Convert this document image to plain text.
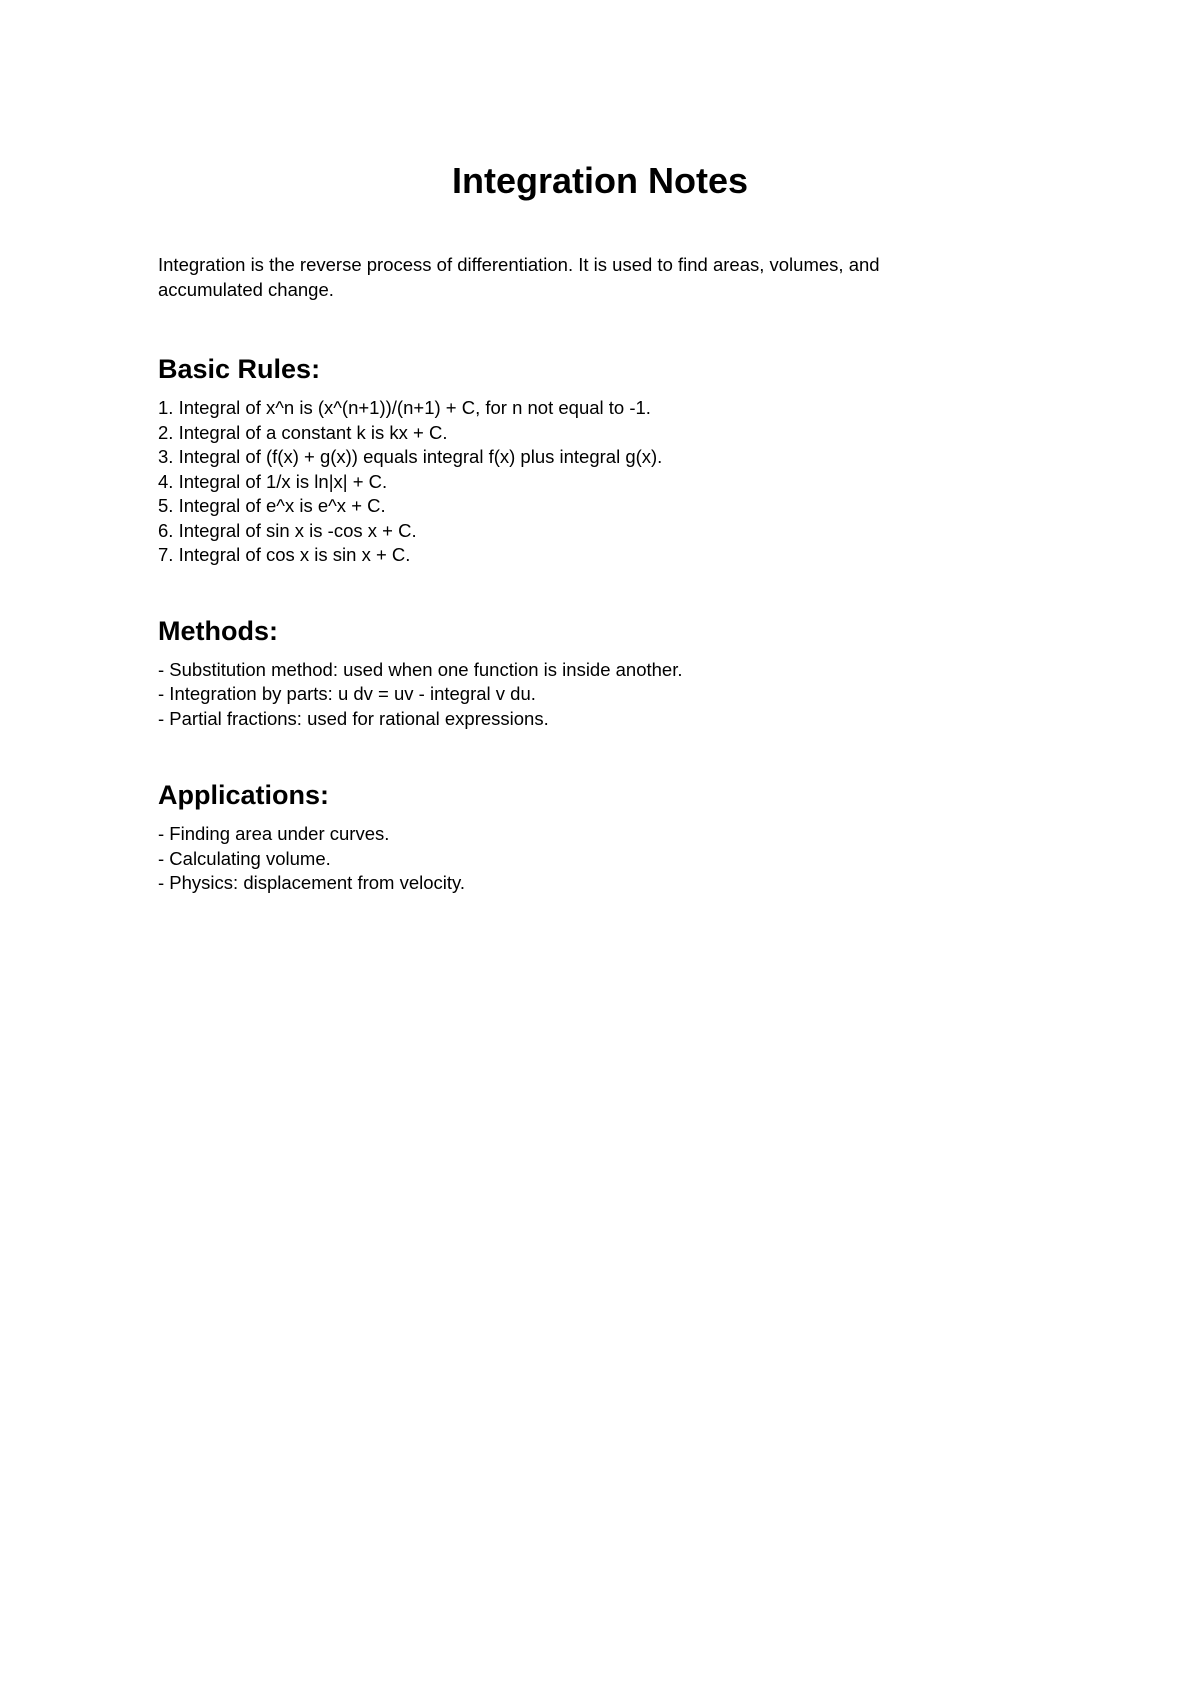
Integration Notes

Integration is the reverse process of differentiation. It is used to find areas, volumes, and accumulated change.

Basic Rules:
1. Integral of x^n is (x^(n+1))/(n+1) + C, for n not equal to -1.
2. Integral of a constant k is kx + C.
3. Integral of (f(x) + g(x)) equals integral f(x) plus integral g(x).
4. Integral of 1/x is ln|x| + C.
5. Integral of e^x is e^x + C.
6. Integral of sin x is -cos x + C.
7. Integral of cos x is sin x + C.
Methods:
- Substitution method: used when one function is inside another.
- Integration by parts: u dv = uv - integral v du.
- Partial fractions: used for rational expressions.
Applications:
- Finding area under curves.
- Calculating volume.
- Physics: displacement from velocity.
